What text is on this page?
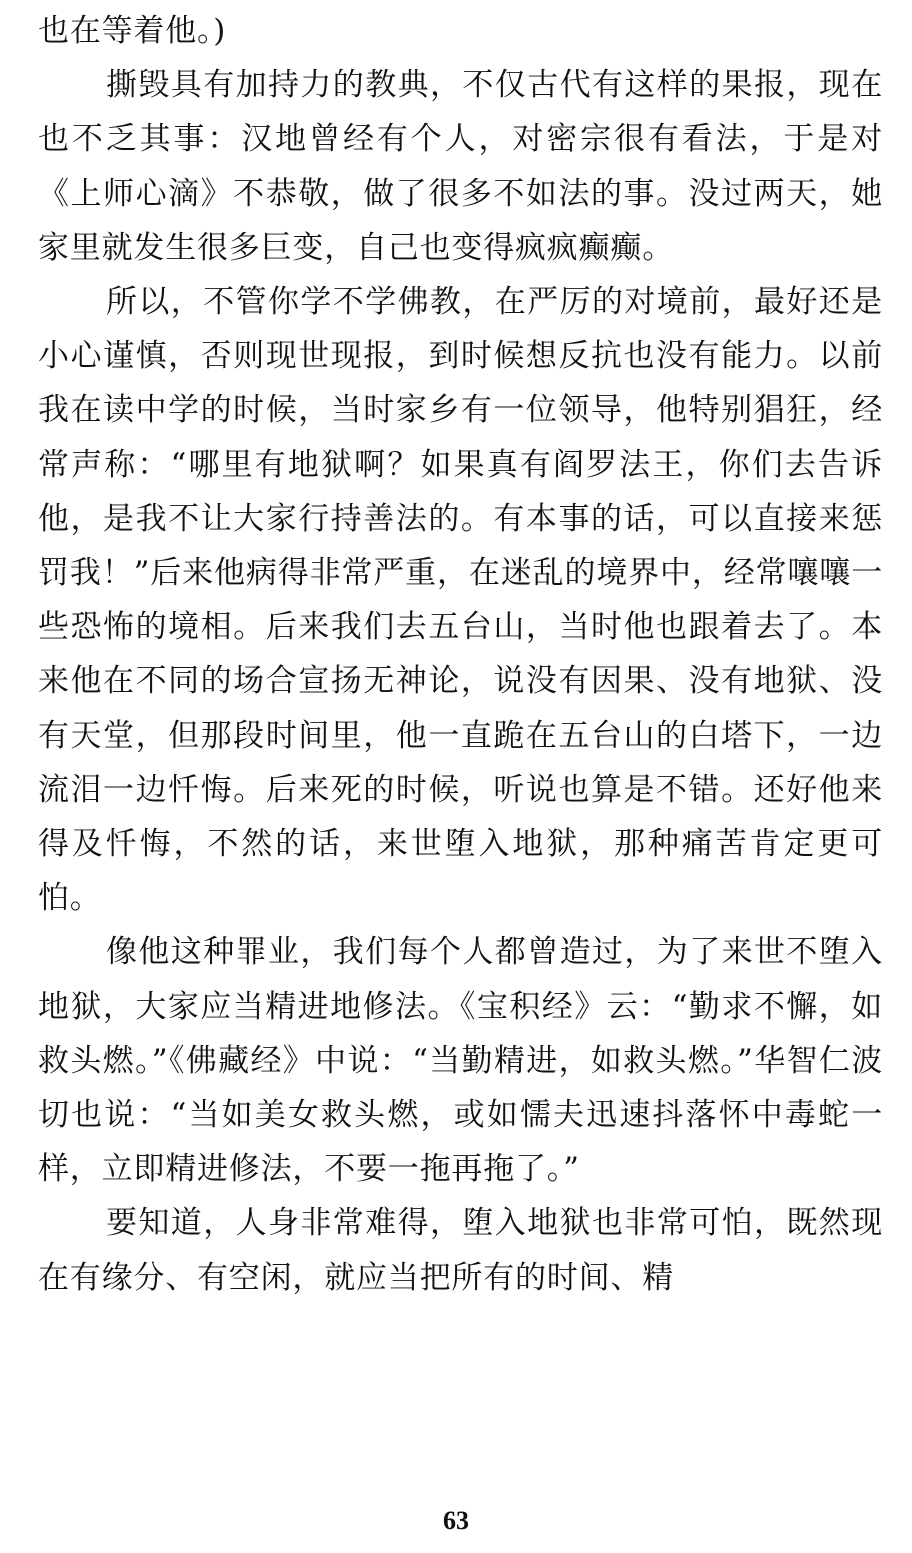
也在等着他。)

撕毁具有加持力的教典，不仅古代有这样的果报，现在也不乏其事：汉地曾经有个人，对密宗很有看法，于是对《上师心滴》不恭敬，做了很多不如法的事。没过两天，她家里就发生很多巨变，自己也变得疯疯癫癫。

所以，不管你学不学佛教，在严厉的对境前，最好还是小心谨慎，否则现世现报，到时候想反抗也没有能力。以前我在读中学的时候，当时家乡有一位领导，他特别猖狂，经常声称：“哪里有地狱啊？如果真有阎罗法王，你们去告诉他，是我不让大家行持善法的。有本事的话，可以直接来惩罚我！”后来他病得非常严重，在迷乱的境界中，经常嚷嚷一些恐怖的境相。后来我们去五台山，当时他也跟着去了。本来他在不同的场合宣扬无神论，说没有因果、没有地狱、没有天堂，但那段时间里，他一直跪在五台山的白塔下，一边流泪一边忏悔。后来死的时候，听说也算是不错。还好他来得及忏悔，不然的话，来世堕入地狱，那种痛苦肯定更可怕。

像他这种罪业，我们每个人都曾造过，为了来世不堕入地狱，大家应当精进地修法。《宝积经》云：“勤求不懈，如救头燃。”《佛藏经》中说：“当勤精进，如救头燃。”华智仁波切也说：“当如美女救头燃，或如懦夫迅速抖落怀中毒蛇一样，立即精进修法，不要一拖再拖了。”

要知道，人身非常难得，堕入地狱也非常可怕，既然现在有缘分、有空闲，就应当把所有的时间、精

63
